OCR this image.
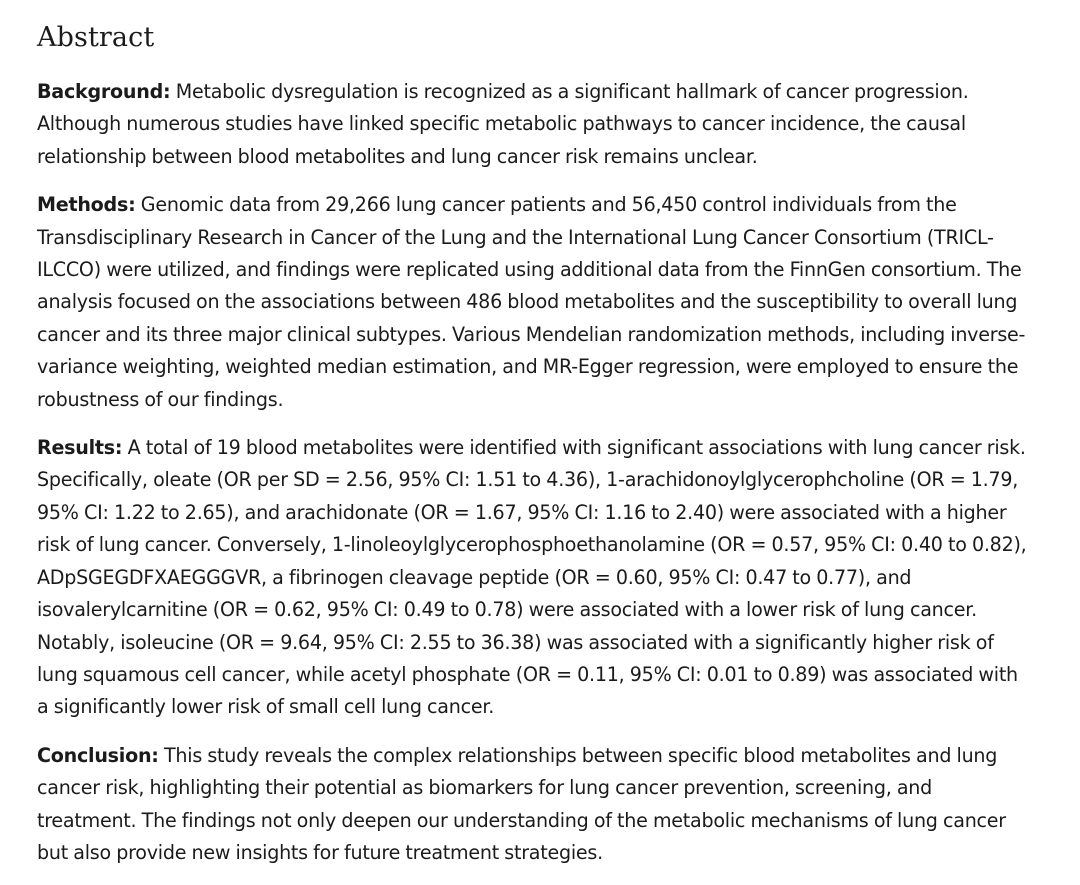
Abstract

Background: Metabolic dysregulation is recognized as a significant hallmark of cancer progression. Although numerous studies have linked specific metabolic pathways to cancer incidence, the causal relationship between blood metabolites and lung cancer risk remains unclear.

Methods: Genomic data from 29,266 lung cancer patients and 56,450 control individuals from the Transdisciplinary Research in Cancer of the Lung and the International Lung Cancer Consortium (TRICL-ILCCO) were utilized, and findings were replicated using additional data from the FinnGen consortium. The analysis focused on the associations between 486 blood metabolites and the susceptibility to overall lung cancer and its three major clinical subtypes. Various Mendelian randomization methods, including inverse-variance weighting, weighted median estimation, and MR-Egger regression, were employed to ensure the robustness of our findings.

Results: A total of 19 blood metabolites were identified with significant associations with lung cancer risk. Specifically, oleate (OR per SD = 2.56, 95% CI: 1.51 to 4.36), 1-arachidonoylglycerophcholine (OR = 1.79, 95% CI: 1.22 to 2.65), and arachidonate (OR = 1.67, 95% CI: 1.16 to 2.40) were associated with a higher risk of lung cancer. Conversely, 1-linoleoylglycerophosphoethanolamine (OR = 0.57, 95% CI: 0.40 to 0.82), ADpSGEGDFXAEGGGVR, a fibrinogen cleavage peptide (OR = 0.60, 95% CI: 0.47 to 0.77), and isovalerylcarnitine (OR = 0.62, 95% CI: 0.49 to 0.78) were associated with a lower risk of lung cancer. Notably, isoleucine (OR = 9.64, 95% CI: 2.55 to 36.38) was associated with a significantly higher risk of lung squamous cell cancer, while acetyl phosphate (OR = 0.11, 95% CI: 0.01 to 0.89) was associated with a significantly lower risk of small cell lung cancer.

Conclusion: This study reveals the complex relationships between specific blood metabolites and lung cancer risk, highlighting their potential as biomarkers for lung cancer prevention, screening, and treatment. The findings not only deepen our understanding of the metabolic mechanisms of lung cancer but also provide new insights for future treatment strategies.
